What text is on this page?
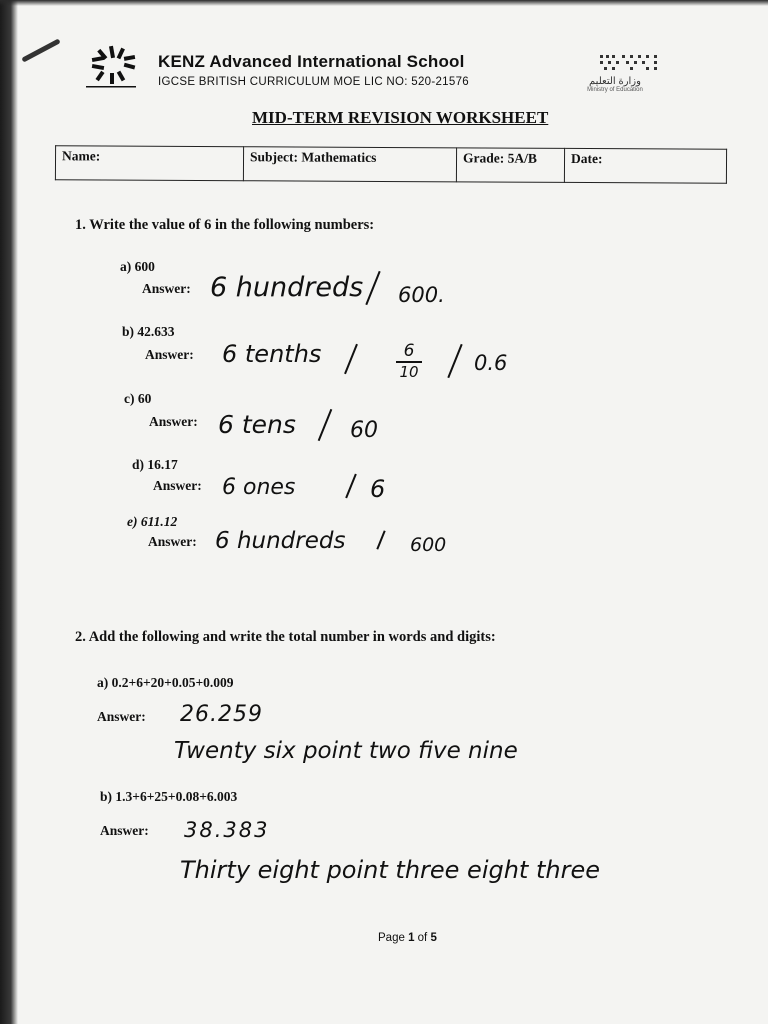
KENZ Advanced International School
IGCSE BRITISH CURRICULUM MOE LIC NO: 520-21576	وزارة التعليم
Ministry of Education
MID-TERM REVISION WORKSHEET
Name:	Subject: Mathematics	Grade: 5A/B	Date:
1. Write the value of 6 in the following numbers:
a) 600
Answer: 6 hundreds 600.
b) 42.633
Answer: 6 tenths	6
10	0.6
c) 60
Answer: 6 tens 60
d) 16.17
Answer: 6 ones	6
e) 611.12
Answer: 6 hundreds	600
2. Add the following and write the total number in words and digits:
a) 0.2+6+20+0.05+0.009
Answer: 26.259
Twenty six point two five nine
b) 1.3+6+25+0.08+6.003
Answer: 38.383
Thirty eight point three eight three
Page 1 of 5
